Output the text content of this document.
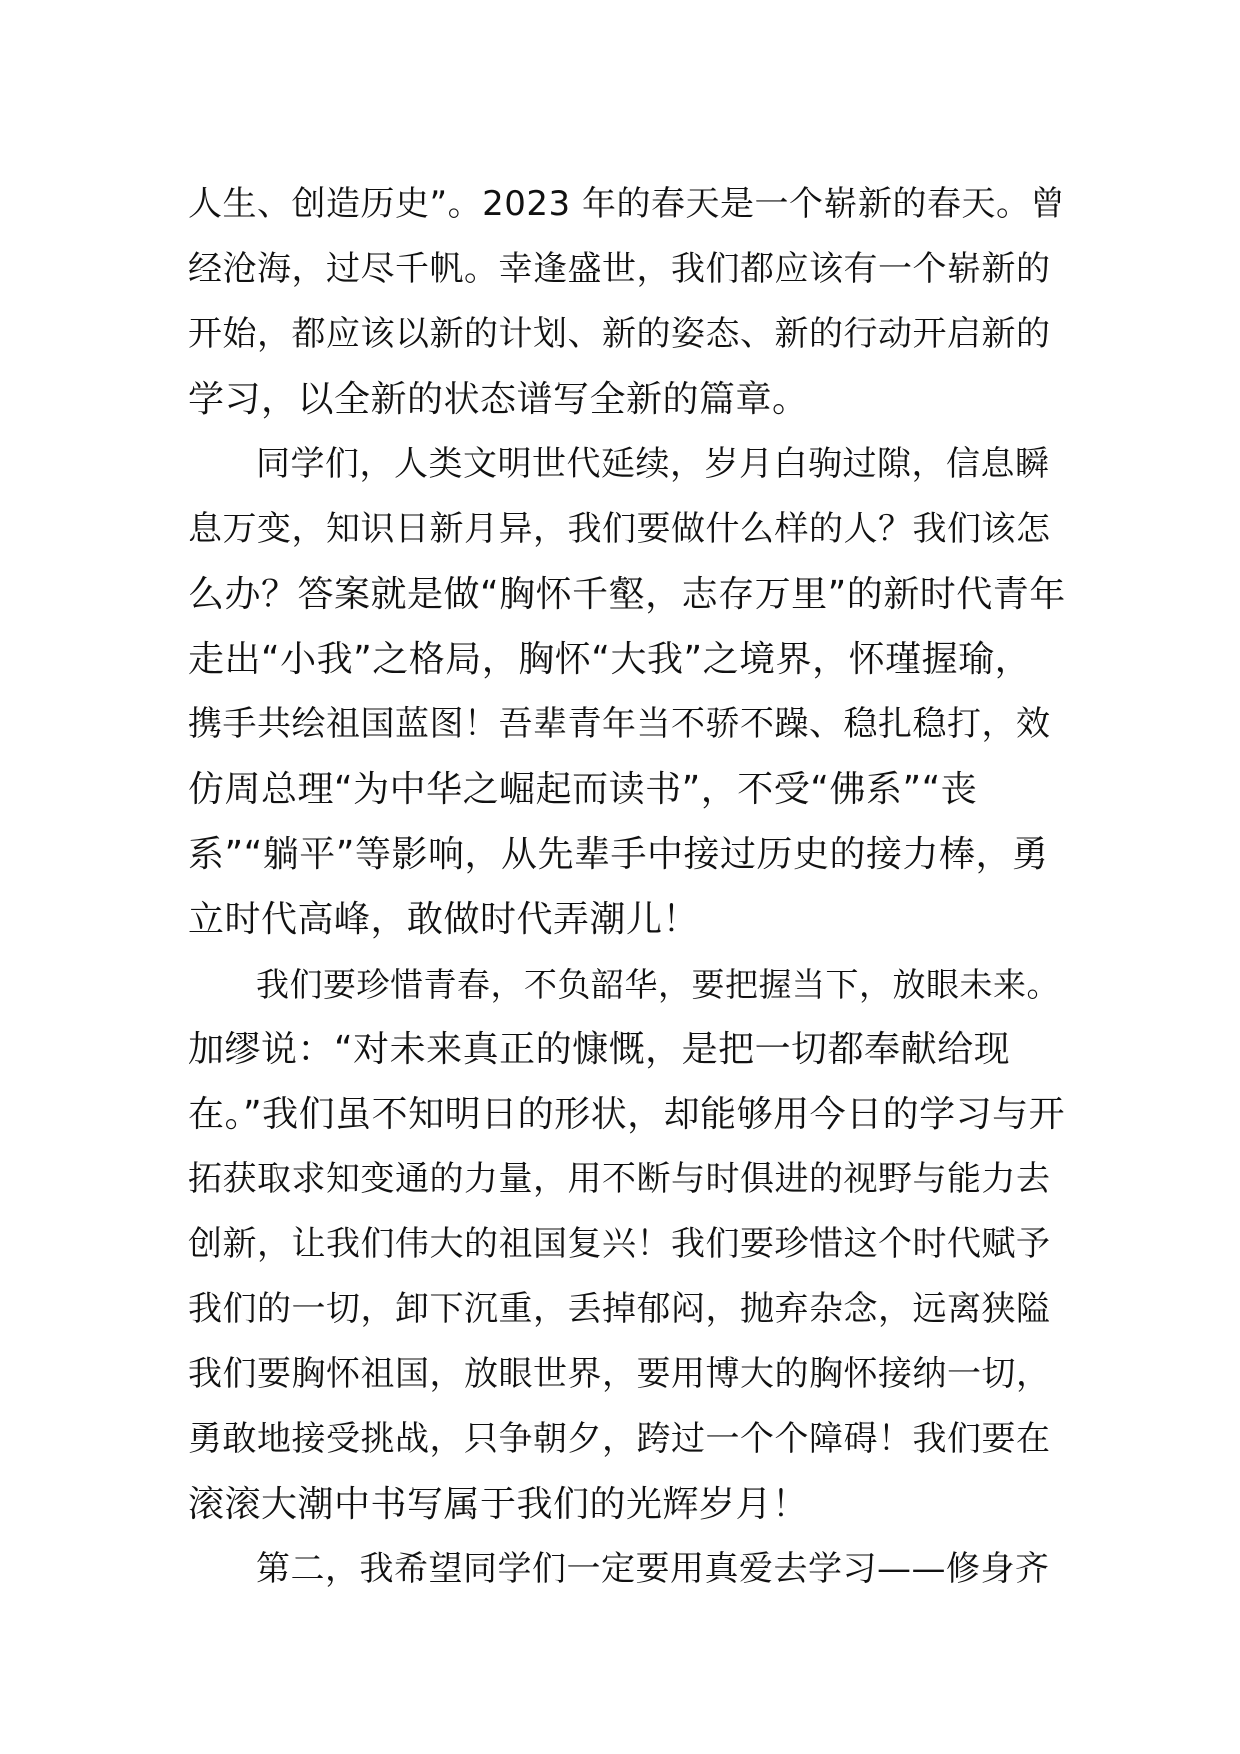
人生、创造历史”。2023 年的春天是一个崭新的春天。曾
经沧海，过尽千帆。幸逢盛世，我们都应该有一个崭新的
开始，都应该以新的计划、新的姿态、新的行动开启新的
学习，以全新的状态谱写全新的篇章。
同学们，人类文明世代延续，岁月白驹过隙，信息瞬
息万变，知识日新月异，我们要做什么样的人？我们该怎
么办？答案就是做“胸怀千壑，志存万里”的新时代青年
走出“小我”之格局，胸怀“大我”之境界，怀瑾握瑜，
携手共绘祖国蓝图！吾辈青年当不骄不躁、稳扎稳打，效
仿周总理“为中华之崛起而读书”，不受“佛系”“丧
系”“躺平”等影响，从先辈手中接过历史的接力棒，勇
立时代高峰，敢做时代弄潮儿！
我们要珍惜青春，不负韶华，要把握当下，放眼未来。
加缪说：“对未来真正的慷慨，是把一切都奉献给现
在。”我们虽不知明日的形状，却能够用今日的学习与开
拓获取求知变通的力量，用不断与时俱进的视野与能力去
创新，让我们伟大的祖国复兴！我们要珍惜这个时代赋予
我们的一切，卸下沉重，丢掉郁闷，抛弃杂念，远离狭隘
我们要胸怀祖国，放眼世界，要用博大的胸怀接纳一切，
勇敢地接受挑战，只争朝夕，跨过一个个障碍！我们要在
滚滚大潮中书写属于我们的光辉岁月！
第二，我希望同学们一定要用真爱去学习——修身齐
